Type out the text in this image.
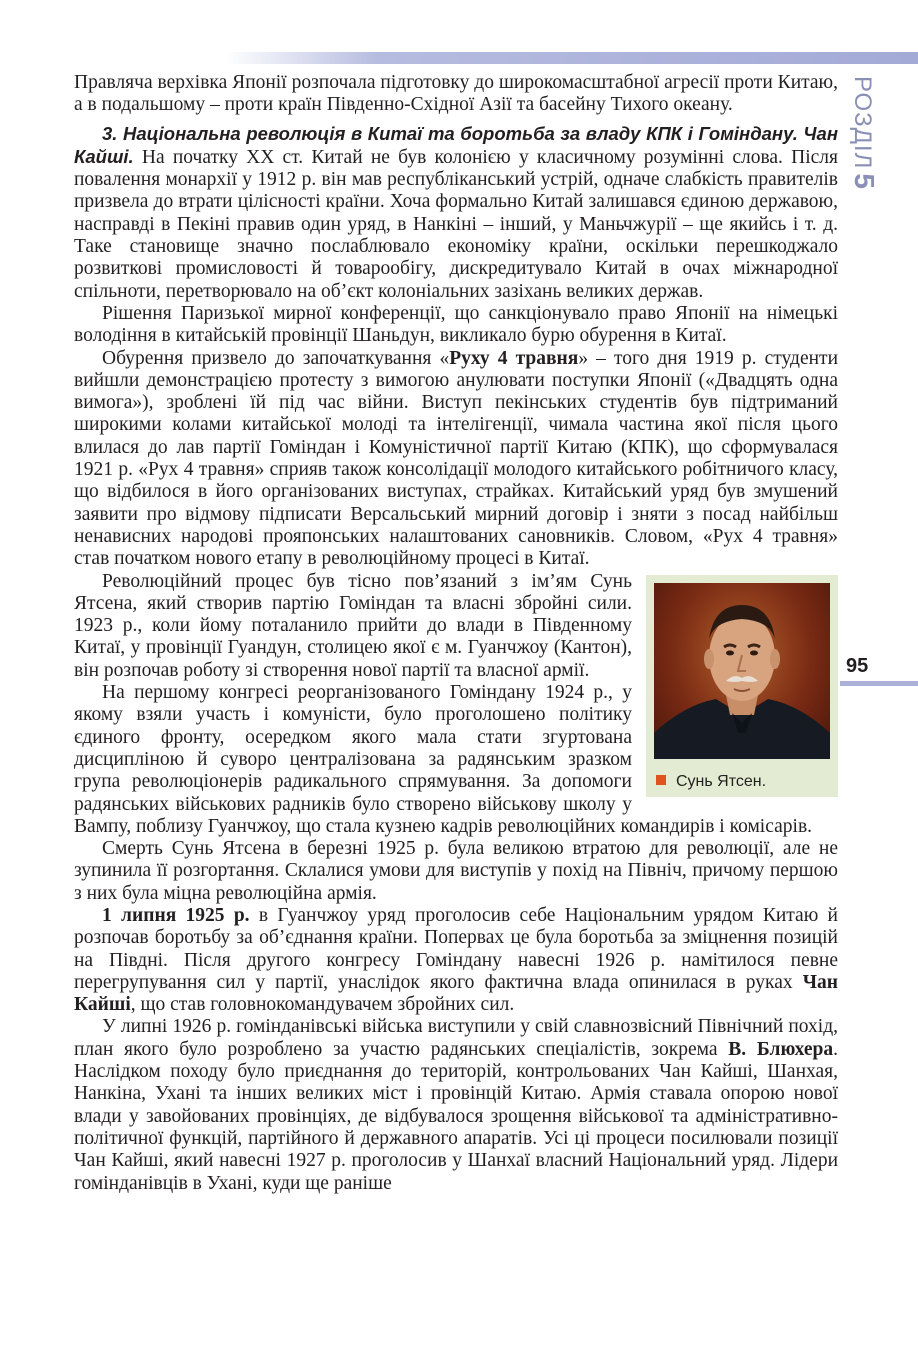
РОЗДІЛ5
95

Правляча верхівка Японії розпочала підготовку до широкомасштабної агресії проти Китаю, а в подальшому – проти країн Південно-Східної Азії та басейну Тихого океану.

3. Національна революція в Китаї та боротьба за владу КПК і Гоміндану. Чан Кайші. На початку XX ст. Китай не був колонією у класичному розумінні слова. Після повалення монархії у 1912 р. він мав республіканський устрій, одначе слабкість правителів призвела до втрати цілісності країни. Хоча формально Китай залишався єдиною державою, насправді в Пекіні правив один уряд, в Нанкіні – інший, у Маньчжурії – ще якийсь і т. д. Таке становище значно послаблювало економіку країни, оскільки перешкоджало розвиткові промисловості й товарообігу, дискредитувало Китай в очах міжнародної спільноти, перетворювало на об’єкт колоніальних зазіхань великих держав.

Рішення Паризької мирної конференції, що санкціонувало право Японії на німецькі володіння в китайській провінції Шаньдун, викликало бурю обурення в Китаї.

Обурення призвело до започаткування «Руху 4 травня» – того дня 1919 р. студенти вийшли демонстрацією протесту з вимогою анулювати поступки Японії («Двадцять одна вимога»), зроблені їй під час війни. Виступ пекінських студентів був підтриманий широкими колами китайської молоді та інтелігенції, чимала частина якої після цього влилася до лав партії Гоміндан і Комуністичної партії Китаю (КПК), що сформувалася 1921 р. «Рух 4 травня» сприяв також консолідації молодого китайського робітничого класу, що відбилося в його організованих виступах, страйках. Китайський уряд був змушений заявити про відмову підписати Версальський мирний договір і зняти з посад найбільш ненависних народові прояпонських налаштованих сановників. Словом, «Рух 4 травня» став початком нового етапу в революційному процесі в Китаї.

Сунь Ятсен.

Революційний процес був тісно пов’язаний з ім’ям Сунь Ятсена, який створив партію Гоміндан та власні збройні сили. 1923 р., коли йому поталанило прийти до влади в Південному Китаї, у провінції Гуандун, столицею якої є м. Гуанчжоу (Кантон), він розпочав роботу зі створення нової партії та власної армії.

На першому конгресі реорганізованого Гоміндану 1924 р., у якому взяли участь і комуністи, було проголошено політику єдиного фронту, осередком якого мала стати згуртована дисципліною й суворо централізована за радянським зразком група революціонерів радикального спрямування. За допомоги радянських військових радників було створено військову школу у Вампу, поблизу Гуанчжоу, що стала кузнею кадрів революційних командирів і комісарів.

Смерть Сунь Ятсена в березні 1925 р. була великою втратою для революції, але не зупинила її розгортання. Склалися умови для виступів у похід на Північ, причому першою з них була міцна революційна армія.

1 липня 1925 р. в Гуанчжоу уряд проголосив себе Національним урядом Китаю й розпочав боротьбу за об’єднання країни. Попервах це була боротьба за зміцнення позицій на Півдні. Після другого конгресу Гоміндану навесні 1926 р. намітилося певне перегрупування сил у партії, унаслідок якого фактична влада опинилася в руках Чан Кайші, що став головнокомандувачем збройних сил.

У липні 1926 р. гомінданівські війська виступили у свій славнозвісний Північний похід, план якого було розроблено за участю радянських спеціалістів, зокрема В. Блюхера. Наслідком походу було приєднання до територій, контрольованих Чан Кайші, Шанхая, Нанкіна, Ухані та інших великих міст і провінцій Китаю. Армія ставала опорою нової влади у завойованих провінціях, де відбувалося зрощення військової та адміністративно-політичної функцій, партійного й державного апаратів. Усі ці процеси посилювали позиції Чан Кайші, який навесні 1927 р. проголосив у Шанхаї власний Національний уряд. Лідери гомінданівців в Ухані, куди ще раніше
